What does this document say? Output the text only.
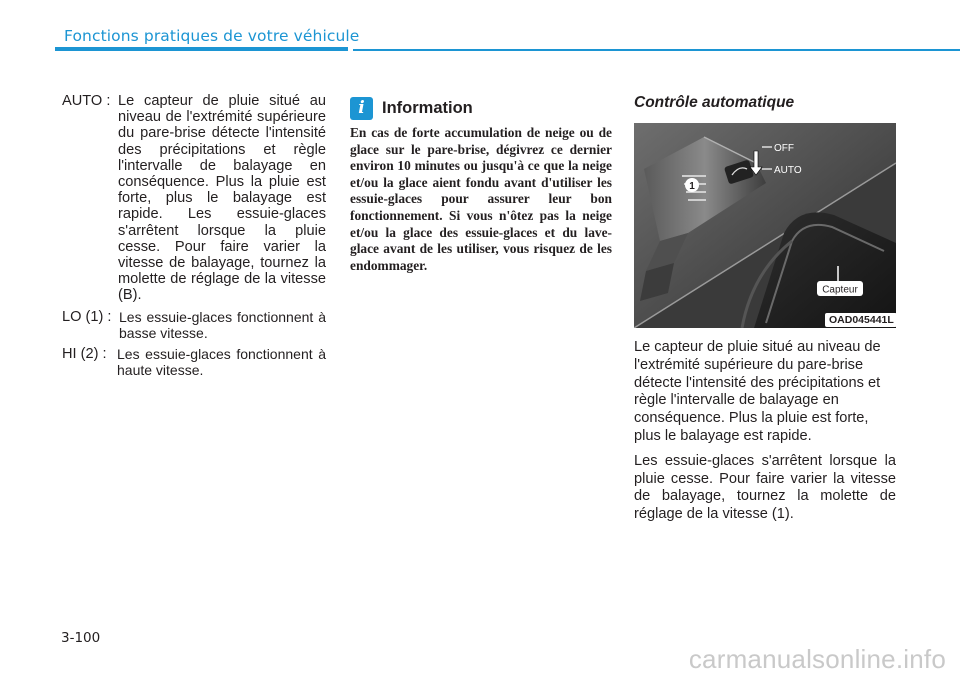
Fonctions pratiques de votre véhicule
AUTO : Le capteur de pluie situé au niveau de l'extrémité supérieure du pare-brise détecte l'intensité des précipitations et règle l'intervalle de balayage en conséquence. Plus la pluie est forte, plus le balayage est rapide. Les essuie-glaces s'arrêtent lorsque la pluie cesse. Pour faire varier la vitesse de balayage, tournez la molette de réglage de la vitesse (B).
LO (1) : Les essuie-glaces fonctionnent à basse vitesse.
HI (2) : Les essuie-glaces fonctionnent à haute vitesse.
i	Information
En cas de forte accumulation de neige ou de glace sur le pare-brise, dégivrez ce dernier environ 10 minutes ou jusqu'à ce que la neige et/ou la glace aient fondu avant d'utiliser les essuie-glaces pour assurer leur bon fonctionnement. Si vous n'ôtez pas la neige et/ou la glace des essuie-glaces et du lave-glace avant de les utiliser, vous risquez de les endommager.
Contrôle automatique
Capteur
1
OFF
AUTO
OAD045441L

Le capteur de pluie situé au niveau de l'extrémité supérieure du pare-brise détecte l'intensité des précipitations et règle l'intervalle de balayage en conséquence. Plus la pluie est forte, plus le balayage est rapide.

Les essuie-glaces s'arrêtent lorsque la pluie cesse. Pour faire varier la vitesse de balayage, tournez la molette de réglage de la vitesse (1).

3-100
carmanualsonline.info
